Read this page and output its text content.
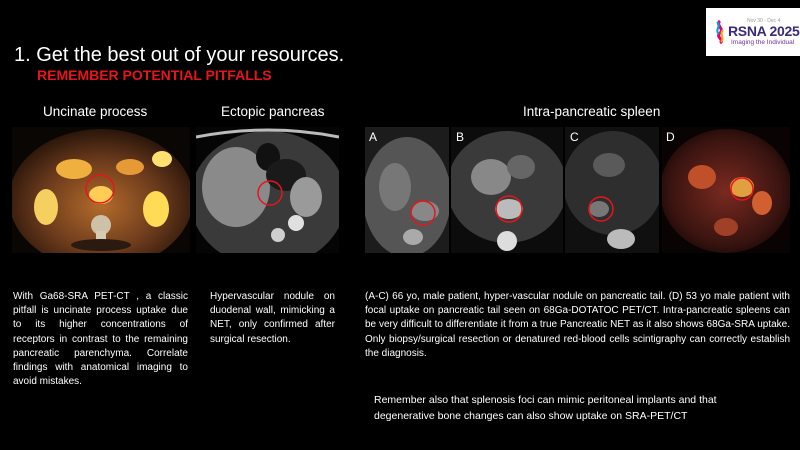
Nov 30 - Dec 4
RSNA 2025
Imaging the Individual
1. Get the best out of your resources.
REMEMBER POTENTIAL PITFALLS
Uncinate process	Ectopic pancreas	Intra-pancreatic spleen
A	B	C	D
With Ga68-SRA PET-CT , a classic pitfall is uncinate process uptake due to its higher concentrations of receptors in contrast to the remaining pancreatic parenchyma. Correlate findings with anatomical imaging to avoid mistakes.
Hypervascular nodule on duodenal wall, mimicking a NET, only confirmed after surgical resection.
(A-C) 66 yo, male patient, hyper-vascular nodule on pancreatic tail. (D) 53 yo male patient with focal uptake on pancreatic tail seen on 68Ga-DOTATOC PET/CT. Intra-pancreatic spleens can be very difficult to differentiate it from a true Pancreatic NET as it also shows 68Ga-SRA uptake. Only biopsy/surgical resection or denatured red-blood cells scintigraphy can correctly establish the diagnosis.
Remember also that splenosis foci can mimic peritoneal implants and that degenerative bone changes can also show uptake on SRA-PET/CT
